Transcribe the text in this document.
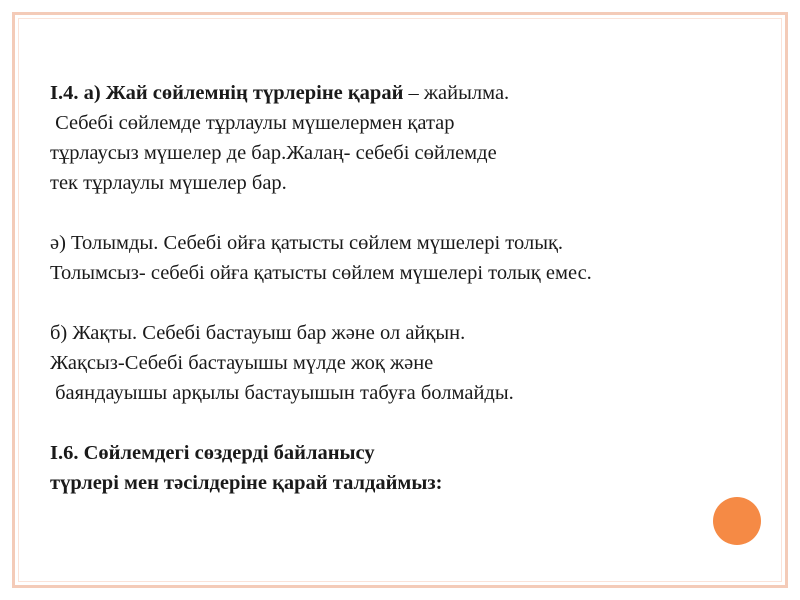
І.4. а) Жай сөйлемнің түрлеріне қарай – жайылма.
Себебі сөйлемде тұрлаулы мүшелермен қатар
тұрлаусыз мүшелер де бар.Жалаң- себебі сөйлемде
тек тұрлаулы мүшелер бар.
ә) Толымды. Себебі ойға қатысты сөйлем мүшелері толық.
Толымсыз- себебі ойға қатысты сөйлем мүшелері толық емес.
б) Жақты. Себебі бастауыш бар және ол айқын.
Жақсыз-Себебі бастауышы мүлде жоқ және
баяндауышы арқылы бастауышын табуға болмайды.
І.6. Сөйлемдегі сөздерді байланысу
түрлері мен тәсілдеріне қарай талдаймыз:
